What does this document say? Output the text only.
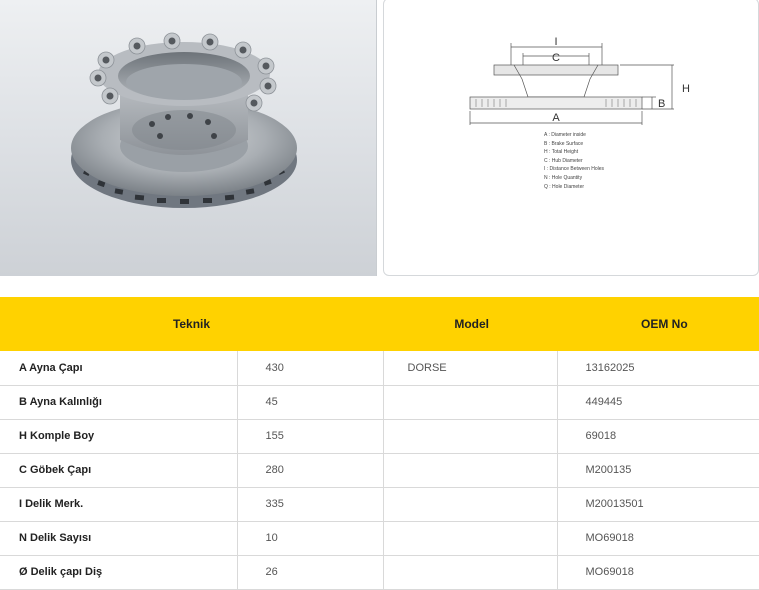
I
C
H
B
A
A : Diameter inside
B : Brake Surface
H : Total Height
C : Hub Diameter
I : Distance Between Holes
N : Hole Quantity
Q : Hole Diameter
Teknik		Model	OEM No
A Ayna Çapı	430	DORSE	13162025
B Ayna Kalınlığı	45		449445
H Komple Boy	155		69018
C Göbek Çapı	280		M200135
I Delik Merk.	335		M20013501
N Delik Sayısı	10		MO69018
Ø Delik çapı Diş	26		MO69018
